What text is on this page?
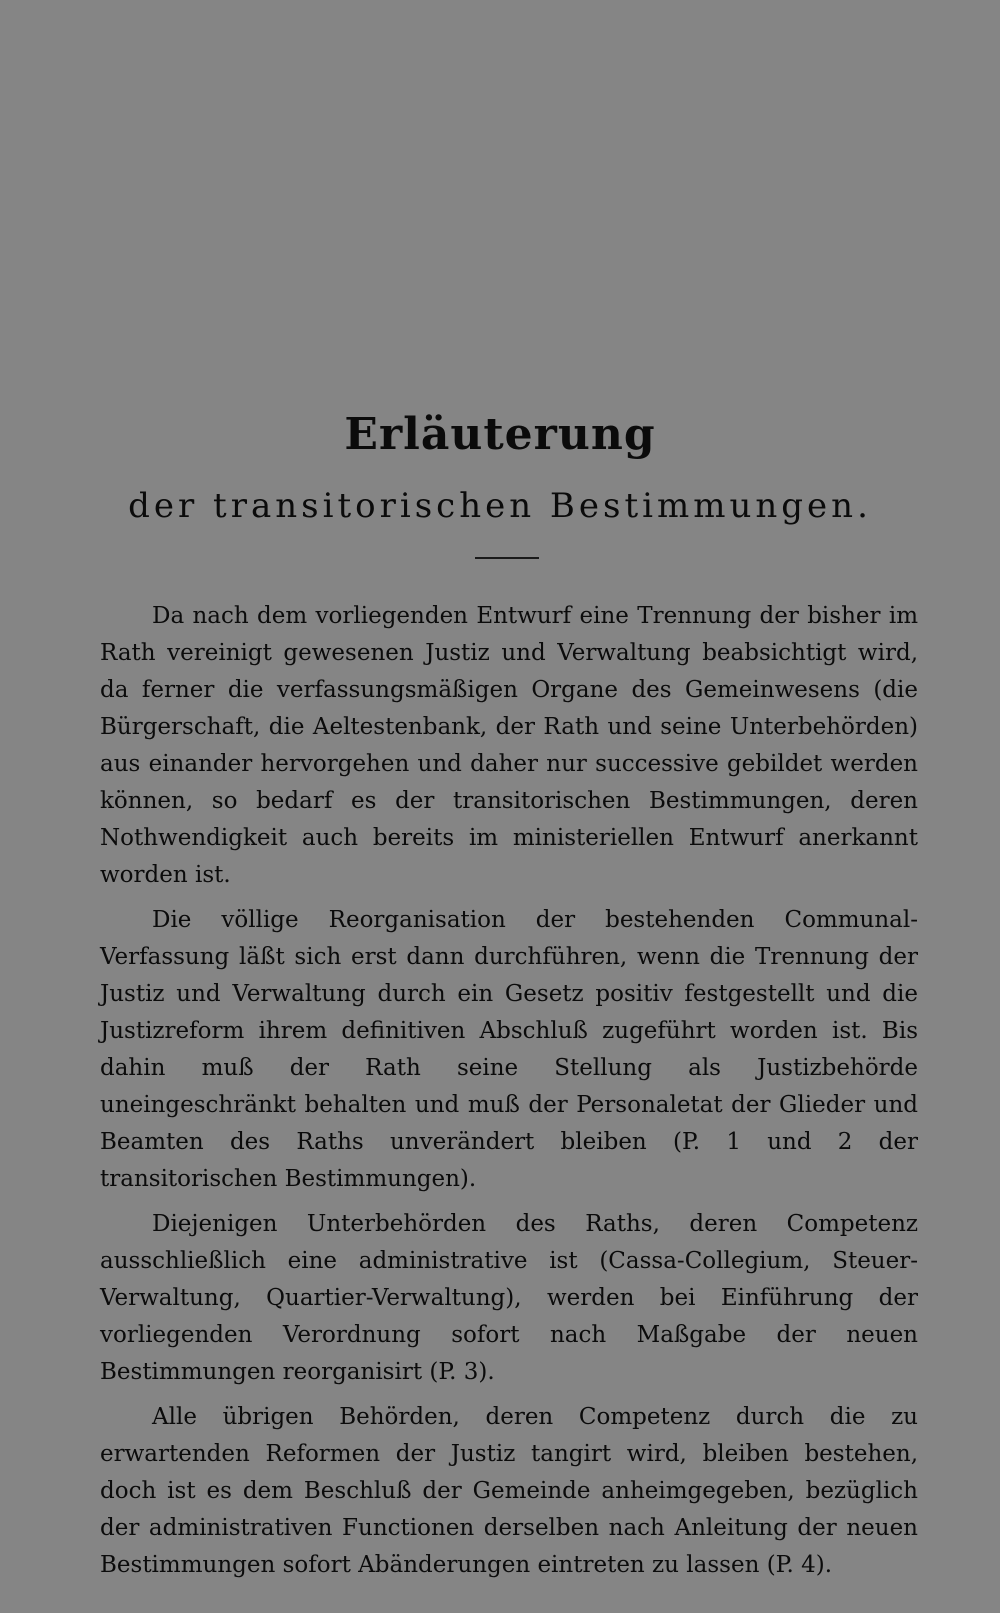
Erläuterung
der transitorischen Bestimmungen.

Da nach dem vorliegenden Entwurf eine Trennung der bisher im Rath vereinigt gewesenen Justiz und Verwaltung beabsichtigt wird, da ferner die verfassungsmäßigen Organe des Gemeinwesens (die Bürgerschaft, die Aeltestenbank, der Rath und seine Unterbehörden) aus einander hervorgehen und daher nur successive gebildet werden können, so bedarf es der transitorischen Bestimmungen, deren Nothwendigkeit auch bereits im ministeriellen Entwurf anerkannt worden ist.

Die völlige Reorganisation der bestehenden Communal-Verfassung läßt sich erst dann durchführen, wenn die Trennung der Justiz und Verwaltung durch ein Gesetz positiv festgestellt und die Justizreform ihrem definitiven Abschluß zugeführt worden ist. Bis dahin muß der Rath seine Stellung als Justizbehörde uneingeschränkt behalten und muß der Personaletat der Glieder und Beamten des Raths unverändert bleiben (P. 1 und 2 der transitorischen Bestimmungen).

Diejenigen Unterbehörden des Raths, deren Competenz ausschließlich eine administrative ist (Cassa-Collegium, Steuer-Verwaltung, Quartier-Verwaltung), werden bei Einführung der vorliegenden Verordnung sofort nach Maßgabe der neuen Bestimmungen reorganisirt (P. 3).

Alle übrigen Behörden, deren Competenz durch die zu erwartenden Reformen der Justiz tangirt wird, bleiben bestehen, doch ist es dem Beschluß der Gemeinde anheimgegeben, bezüglich der administrativen Functionen derselben nach Anleitung der neuen Bestimmungen sofort Abänderungen eintreten zu lassen (P. 4).
